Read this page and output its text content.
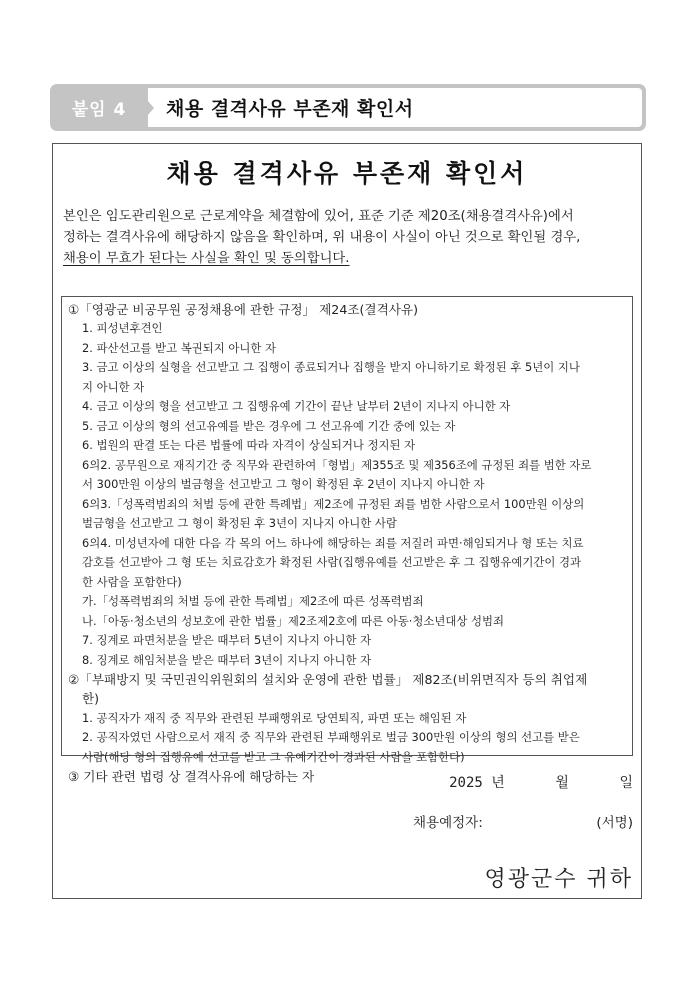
붙임 4	채용 결격사유 부존재 확인서
채용 결격사유 부존재 확인서
본인은 임도관리원으로 근로계약을 체결함에 있어, 표준 기준 제20조(채용결격사유)에서
정하는 결격사유에 해당하지 않음을 확인하며, 위 내용이 사실이 아닌 것으로 확인될 경우,
채용이 무효가 된다는 사실을 확인 및 동의합니다.
①「영광군 비공무원 공정채용에 관한 규정」 제24조(결격사유)
1. 피성년후견인
2. 파산선고를 받고 복권되지 아니한 자
3. 금고 이상의 실형을 선고받고 그 집행이 종료되거나 집행을 받지 아니하기로 확정된 후 5년이 지나
지 아니한 자
4. 금고 이상의 형을 선고받고 그 집행유예 기간이 끝난 날부터 2년이 지나지 아니한 자
5. 금고 이상의 형의 선고유예를 받은 경우에 그 선고유예 기간 중에 있는 자
6. 법원의 판결 또는 다른 법률에 따라 자격이 상실되거나 정지된 자
6의2. 공무원으로 재직기간 중 직무와 관련하여「형법」제355조 및 제356조에 규정된 죄를 범한 자로
서 300만원 이상의 벌금형을 선고받고 그 형이 확정된 후 2년이 지나지 아니한 자
6의3.「성폭력범죄의 처벌 등에 관한 특례법」제2조에 규정된 죄를 범한 사람으로서 100만원 이상의
벌금형을 선고받고 그 형이 확정된 후 3년이 지나지 아니한 사람
6의4. 미성년자에 대한 다음 각 목의 어느 하나에 해당하는 죄를 저질러 파면·해임되거나 형 또는 치료
감호를 선고받아 그 형 또는 치료감호가 확정된 사람(집행유예를 선고받은 후 그 집행유예기간이 경과
한 사람을 포함한다)
가.「성폭력범죄의 처벌 등에 관한 특례법」제2조에 따른 성폭력범죄
나.「아동·청소년의 성보호에 관한 법률」제2조제2호에 따른 아동·청소년대상 성범죄
7. 징계로 파면처분을 받은 때부터 5년이 지나지 아니한 자
8. 징계로 해임처분을 받은 때부터 3년이 지나지 아니한 자
②「부패방지 및 국민권익위원회의 설치와 운영에 관한 법률」 제82조(비위면직자 등의 취업제
한)
1. 공직자가 재직 중 직무와 관련된 부패행위로 당연퇴직, 파면 또는 해임된 자
2. 공직자였던 사람으로서 재직 중 직무와 관련된 부패행위로 벌금 300만원 이상의 형의 선고를 받은
사람(해당 형의 집행유예 선고를 받고 그 유예기간이 경과된 사람을 포함한다)
③ 기타 관련 법령 상 결격사유에 해당하는 자	2025 년	월	일
채용예정자:	(서명)
영광군수 귀하
